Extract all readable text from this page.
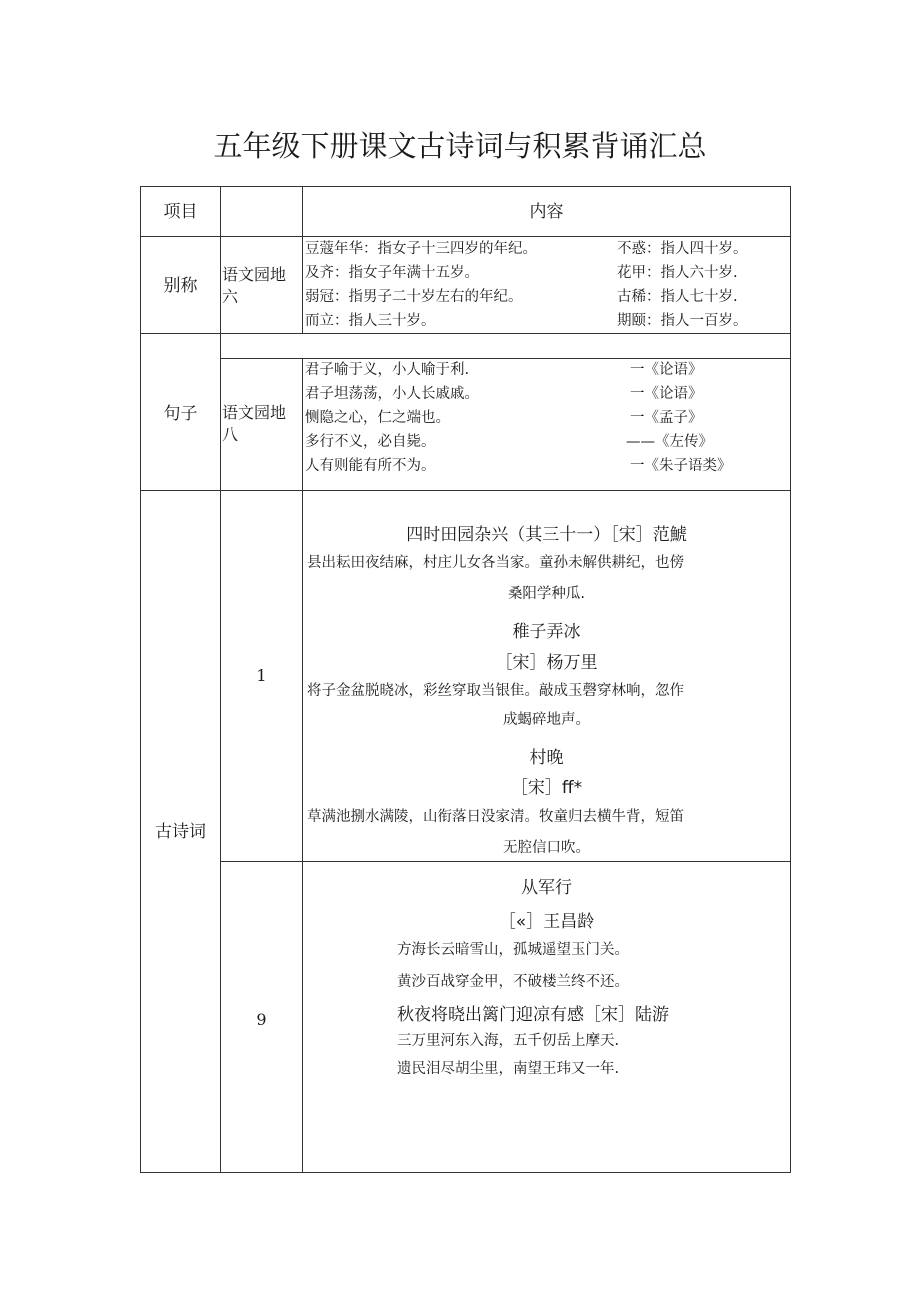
五年级下册课文古诗词与积累背诵汇总
项目	内容
别称
语文园地
六
豆蔻年华：指女子十三四岁的年纪。	不惑：指人四十岁。
及齐：指女子年满十五岁。	花甲：指人六十岁.
弱冠：指男子二十岁左右的年纪。	古稀：指人七十岁.
而立：指人三十岁。	期颐：指人一百岁。
句子	语文园地
八
君子喻于义，小人喻于利.	一《论语》
君子坦荡荡，小人长戚戚。	一《论语》
恻隐之心，仁之端也。	一《孟子》
多行不义，必自毙。	——《左传》
人有则能有所不为。	一《朱子语类》
古诗词
1
四时田园杂兴（其三十一）［宋］范鯱
县出耘田夜结麻，村庄儿女各当家。童孙未解供耕纪，也傍
桑阳学种瓜.
稚子弄冰
［宋］杨万里
将子金盆脱晓冰，彩丝穿取当银隹。敲成玉磬穿林响，忽作
成蝎碎地声。
村晚
［宋］ff*
草满池捌水满陵，山衔落日没家清。牧童归去横牛背，短笛
无腔信口吹。
9
从军行
［«］王昌龄
方海长云暗雪山，孤城遥望玉门关。
黄沙百战穿金甲，不破楼兰终不还。
秋夜将晓出篱门迎凉有感［宋］陆游
三万里河东入海，五千仞岳上摩天.
遗民泪尽胡尘里，南望王玮又一年.
